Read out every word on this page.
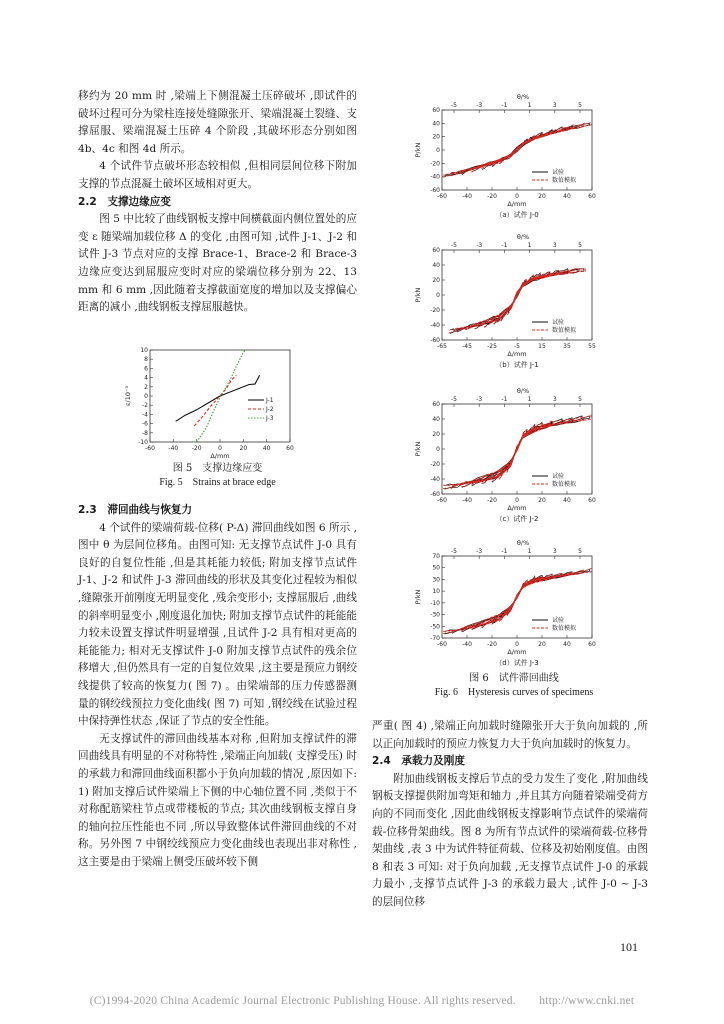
移约为 20 mm 时 ,梁端上下侧混凝土压碎破坏 ,即试件的破坏过程可分为梁柱连接处缝隙张开、梁端混凝土裂缝、支撑屈服、梁端混凝土压碎 4 个阶段 ,其破坏形态分别如图 4b、4c 和图 4d 所示。

4 个试件节点破坏形态较相似 ,但相同层间位移下附加支撑的节点混凝土破坏区域相对更大。

2.2　支撑边缘应变

图 5 中比较了曲线钢板支撑中间横截面内侧位置处的应变 ε 随梁端加载位移 Δ 的变化 ,由图可知 ,试件 J-1、J-2 和试件 J-3 节点对应的支撑 Brace-1、Brace-2 和 Brace-3 边缘应变达到屈服应变时对应的梁端位移分别为 22、13 mm 和 6 mm ,因此随着支撑截面宽度的增加以及支撑偏心距离的减小 ,曲线钢板支撑屈服越快。

-10
-8
-6
-4
-2
0
2
4
6
8
10
-60 -40 -20	0	20	40	60
Δ/mm
ε/10⁻³	J-1
J-2
J-3
图 5　支撑边缘应变
Fig. 5　Strains at brace edge

2.3　滞回曲线与恢复力

4 个试件的梁端荷载-位移( P-Δ) 滞回曲线如图 6 所示 ,图中 θ 为层间位移角。由图可知: 无支撑节点试件 J-0 具有良好的自复位性能 ,但是其耗能力较低; 附加支撑节点试件 J-1、J-2 和试件 J-3 滞回曲线的形状及其变化过程较为相似 ,缝隙张开前刚度无明显变化 ,残余变形小; 支撑屈服后 ,曲线的斜率明显变小 ,刚度退化加快; 附加支撑节点试件的耗能能力较未设置支撑试件明显增强 ,且试件 J-2 具有相对更高的耗能能力; 相对无支撑试件 J-0 附加支撑节点试件的残余位移增大 ,但仍然具有一定的自复位效果 ,这主要是预应力钢绞线提供了较高的恢复力( 图 7) 。由梁端部的压力传感器测量的钢绞线预拉力变化曲线( 图 7) 可知 ,钢绞线在试验过程中保持弹性状态 ,保证了节点的安全性能。

无支撑试件的滞回曲线基本对称 ,但附加支撑试件的滞回曲线具有明显的不对称特性 ,梁端正向加载( 支撑受压) 时的承载力和滞回曲线面积都小于负向加载的情况 ,原因如下: 1) 附加支撑后试件梁端上下侧的中心轴位置不同 ,类似于不对称配筋梁柱节点或带楼板的节点; 其次曲线钢板支撑自身的轴向拉压性能也不同 ,所以导致整体试件滞回曲线的不对称。另外图 7 中钢绞线预应力变化曲线也表现出非对称性 ,这主要是由于梁端上侧受压破坏较下侧

θ/%
-5	-3	-1	1	3	5
60
40
20
0
-20
-40
-60
-60	-40	-20	0	20	40	60
Δ/mm
P/kN
试验
数值模拟
（a）试件 J-0
θ/%
-5	-3	-1	1	3	5
60
40
20
0
-20
-40
-60
-65	-45	-25	-5	15	35	55
Δ/mm
P/kN
试验
数值模拟
（b）试件 J-1
θ/%
-5	-3	-1	1	3	5
60
40
20
0
-20
-40
-60
-60	-40	-20	0	20	40	60
Δ/mm
P/kN
试验
数值模拟
（c）试件 J-2
θ/%
-5	-3	-1	1	3	5
70
50
30
10
-10
-30
-50
-70
-60	-40	-20	0	20	40	60
Δ/mm
P/kN
试验
数值模拟
（d）试件 J-3
图 6　试件滞回曲线
Fig. 6　Hysteresis curves of specimens

严重( 图 4) ,梁端正向加载时缝隙张开大于负向加载的 ,所以正向加载时的预应力恢复力大于负向加载时的恢复力。

2.4　承载力及刚度

附加曲线钢板支撑后节点的受力发生了变化 ,附加曲线钢板支撑提供附加弯矩和轴力 ,并且其方向随着梁端受荷方向的不同而变化 ,因此曲线钢板支撑影响节点试件的梁端荷载-位移骨架曲线。图 8 为所有节点试件的梁端荷载-位移骨架曲线 ,表 3 中为试件特征荷载、位移及初始刚度值。由图 8 和表 3 可知: 对于负向加载 ,无支撑节点试件 J-0 的承载力最小 ,支撑节点试件 J-3 的承载力最大 ,试件 J-0 ~ J-3 的层间位移

101
(C)1994-2020 China Academic Journal Electronic Publishing House. All rights reserved.　　http://www.cnki.net
